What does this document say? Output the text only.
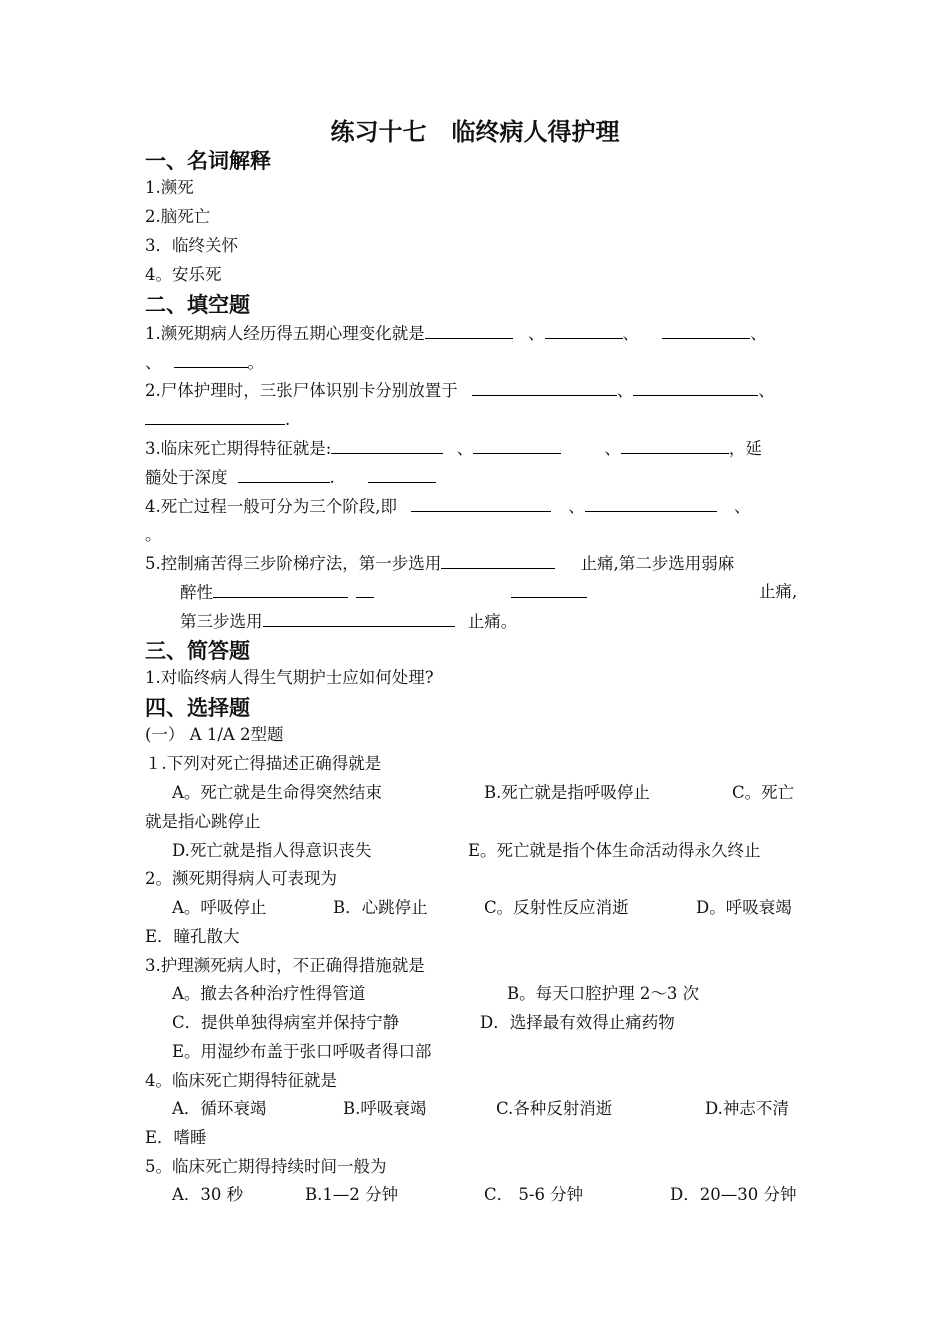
练习十七   临终病人得护理
一、名词解释
1.濒死
2.脑死亡
3．临终关怀
4。安乐死
二、填空题
1.濒死期病人经历得五期心理变化就是	、	、	、
、	。
2.尸体护理时，三张尸体识别卡分别放置于	、	、
.
3.临床死亡期得特征就是:	、	、	，延
髓处于深度	.
4.死亡过程一般可分为三个阶段,即	、	、
。
5.控制痛苦得三步阶梯疗法，第一步选用	止痛,第二步选用弱麻
醉性	止痛,
第三步选用	止痛。
三、简答题
1.对临终病人得生气期护士应如何处理?
四、选择题
(一） A 1/A 2型题
１.下列对死亡得描述正确得就是
A。死亡就是生命得突然结束	B.死亡就是指呼吸停止	C。死亡
就是指心跳停止
D.死亡就是指人得意识丧失	E。死亡就是指个体生命活动得永久终止
2。濒死期得病人可表现为
A。呼吸停止	B．心跳停止	C。反射性反应消逝	D。呼吸衰竭
E．瞳孔散大
3.护理濒死病人时，不正确得措施就是
A。撤去各种治疗性得管道	B。每天口腔护理 2～3 次
C．提供单独得病室并保持宁静	D．选择最有效得止痛药物
E。用湿纱布盖于张口呼吸者得口部
4。临床死亡期得特征就是
A．循环衰竭	B.呼吸衰竭	C.各种反射消逝	D.神志不清
E．嗜睡
5。临床死亡期得持续时间一般为
A．30 秒	B.1—2 分钟	C． 5-6 分钟	D．20—30 分钟
